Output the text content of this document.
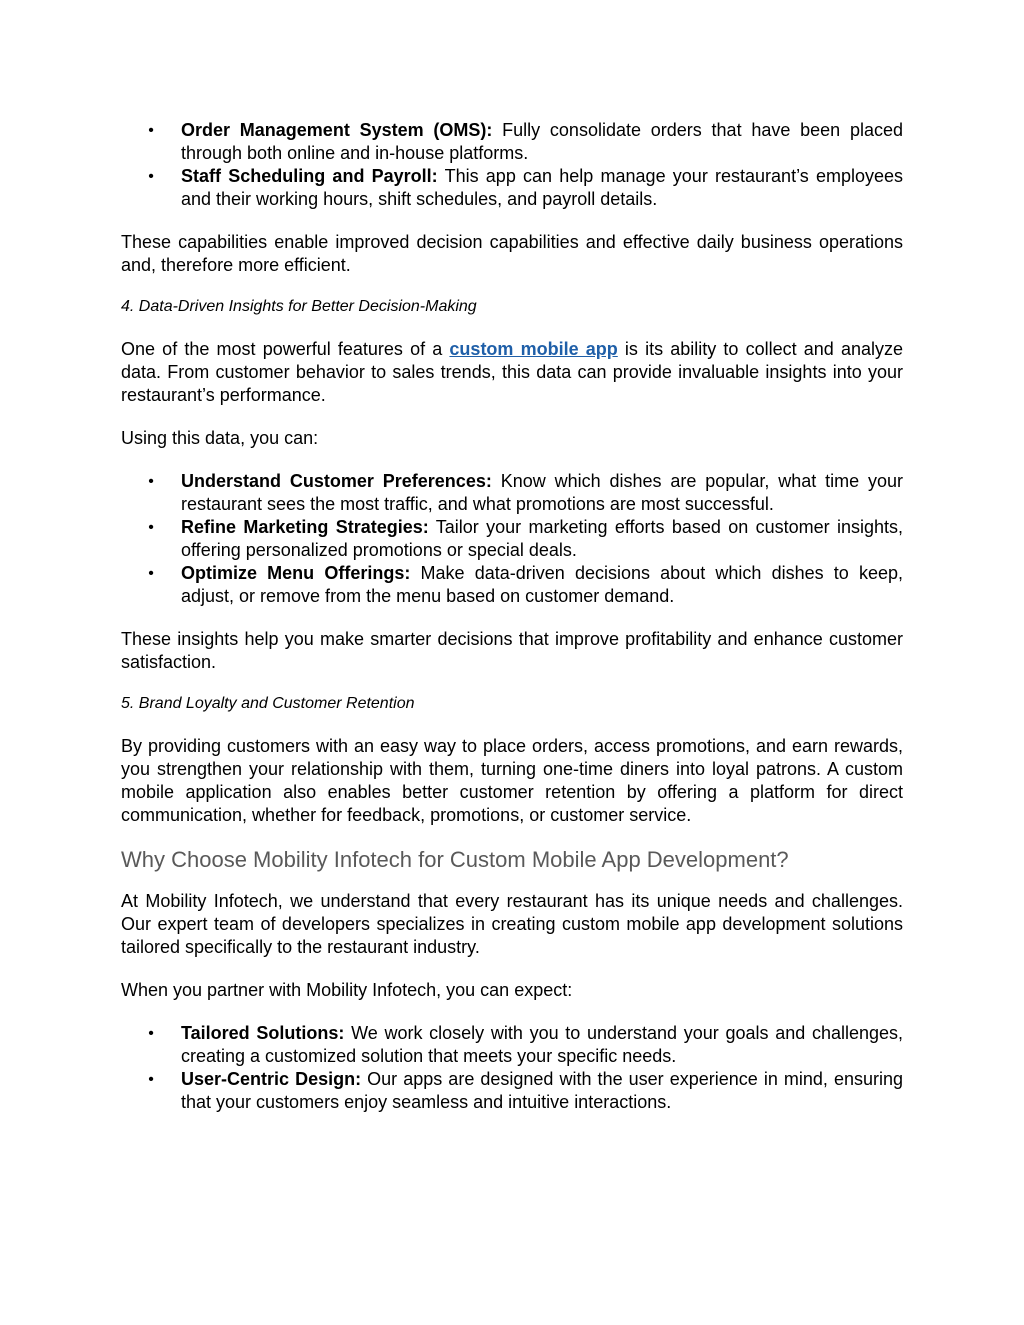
• Order Management System (OMS): Fully consolidate orders that have been placed through both online and in-house platforms.
• Staff Scheduling and Payroll: This app can help manage your restaurant’s employees and their working hours, shift schedules, and payroll details.

These capabilities enable improved decision capabilities and effective daily business operations and, therefore more efficient.

4. Data-Driven Insights for Better Decision-Making

One of the most powerful features of a custom mobile app is its ability to collect and analyze data. From customer behavior to sales trends, this data can provide invaluable insights into your restaurant’s performance.

Using this data, you can:

• Understand Customer Preferences: Know which dishes are popular, what time your restaurant sees the most traffic, and what promotions are most successful.
• Refine Marketing Strategies: Tailor your marketing efforts based on customer insights, offering personalized promotions or special deals.
• Optimize Menu Offerings: Make data-driven decisions about which dishes to keep, adjust, or remove from the menu based on customer demand.

These insights help you make smarter decisions that improve profitability and enhance customer satisfaction.

5. Brand Loyalty and Customer Retention

By providing customers with an easy way to place orders, access promotions, and earn rewards, you strengthen your relationship with them, turning one-time diners into loyal patrons. A custom mobile application also enables better customer retention by offering a platform for direct communication, whether for feedback, promotions, or customer service.

Why Choose Mobility Infotech for Custom Mobile App Development?

At Mobility Infotech, we understand that every restaurant has its unique needs and challenges. Our expert team of developers specializes in creating custom mobile app development solutions tailored specifically to the restaurant industry.

When you partner with Mobility Infotech, you can expect:

• Tailored Solutions: We work closely with you to understand your goals and challenges, creating a customized solution that meets your specific needs.
• User-Centric Design: Our apps are designed with the user experience in mind, ensuring that your customers enjoy seamless and intuitive interactions.
